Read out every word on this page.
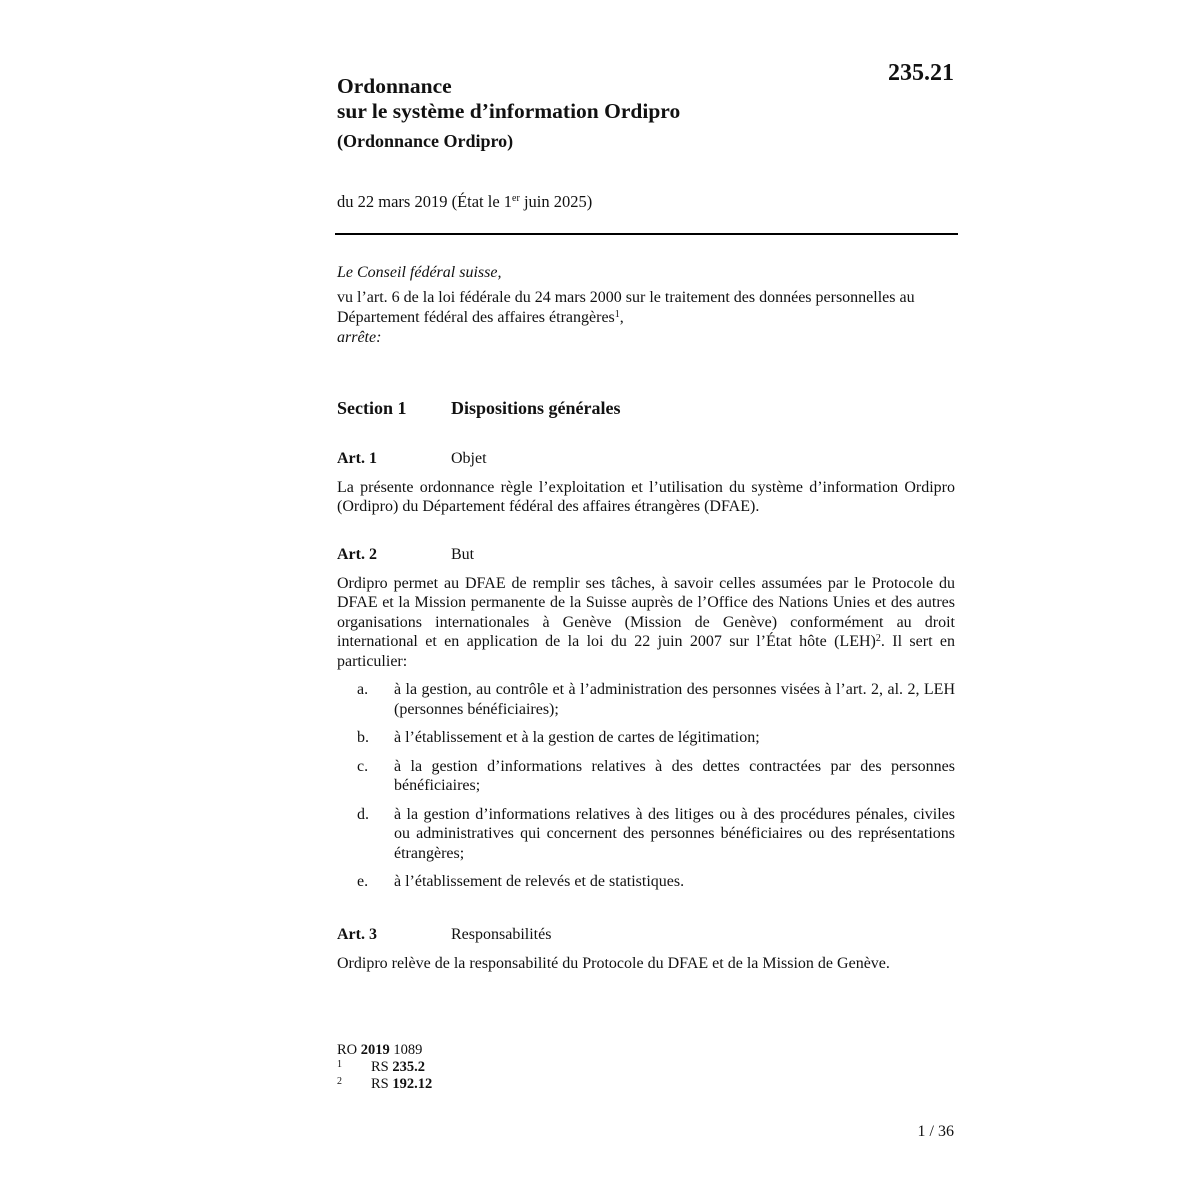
235.21
Ordonnance
sur le système d’information Ordipro
(Ordonnance Ordipro)
du 22 mars 2019 (État le 1er juin 2025)
Le Conseil fédéral suisse,
vu l’art. 6 de la loi fédérale du 24 mars 2000 sur le traitement des données personnelles au Département fédéral des affaires étrangères$^1$,
arrête:
Section 1 Dispositions générales
Art. 1	Objet
La présente ordonnance règle l’exploitation et l’utilisation du système d’information Ordipro (Ordipro) du Département fédéral des affaires étrangères (DFAE).
Art. 2	But
Ordipro permet au DFAE de remplir ses tâches, à savoir celles assumées par le Protocole du DFAE et la Mission permanente de la Suisse auprès de l’Office des Nations Unies et des autres organisations internationales à Genève (Mission de Genève) conformément au droit international et en application de la loi du 22 juin 2007 sur l’État hôte (LEH)$^2$. Il sert en particulier:
a.	à la gestion, au contrôle et à l’administration des personnes visées à l’art. 2, al. 2, LEH (personnes bénéficiaires);
b.	à l’établissement et à la gestion de cartes de légitimation;
c.	à la gestion d’informations relatives à des dettes contractées par des personnes bénéficiaires;
d.	à la gestion d’informations relatives à des litiges ou à des procédures pénales, civiles ou administratives qui concernent des personnes bénéficiaires ou des représentations étrangères;
e.	à l’établissement de relevés et de statistiques.
Art. 3	Responsabilités
Ordipro relève de la responsabilité du Protocole du DFAE et de la Mission de Genève.
RO 2019 1089
1	RS 235.2
2	RS 192.12
1 / 36
